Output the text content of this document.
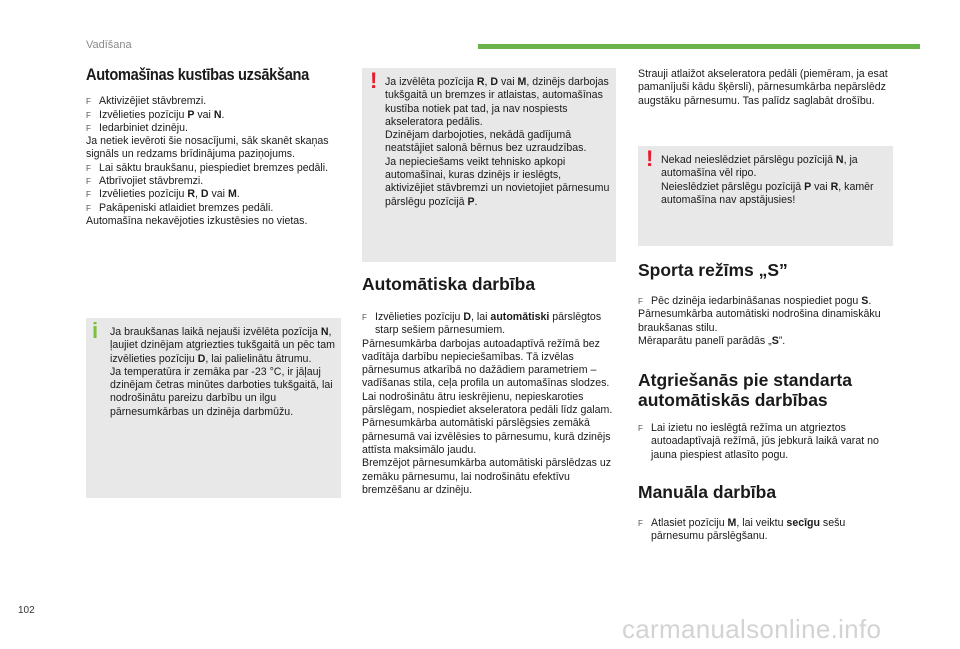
Vadīšana
Automašīnas kustības uzsākšana
F Aktivizējiet stāvbremzi.
F Izvēlieties pozīciju P vai N.
F Iedarbiniet dzinēju.
Ja netiek ievēroti šie nosacījumi, sāk skanēt skaņas signāls un redzams brīdinājuma paziņojums.
F Lai sāktu braukšanu, piespiediet bremzes pedāli.
F Atbrīvojiet stāvbremzi.
F Izvēlieties pozīciju R, D vai M.
F Pakāpeniski atlaidiet bremzes pedāli.
Automašīna nekavējoties izkustēsies no vietas.
i Ja braukšanas laikā nejauši izvēlēta pozīcija N, ļaujiet dzinējam atgriezties tukšgaitā un pēc tam izvēlieties pozīciju D, lai palielinātu ātrumu.
Ja temperatūra ir zemāka par -23 °C, ir jāļauj dzinējam četras minūtes darboties tukšgaitā, lai nodrošinātu pareizu darbību un ilgu pārnesumkārbas un dzinēja darbmūžu.
! Ja izvēlēta pozīcija R, D vai M, dzinējs darbojas tukšgaitā un bremzes ir atlaistas, automašīnas kustība notiek pat tad, ja nav nospiests akseleratora pedālis.
Dzinējam darbojoties, nekādā gadījumā neatstājiet salonā bērnus bez uzraudzības.
Ja nepieciešams veikt tehnisko apkopi automašīnai, kuras dzinējs ir ieslēgts, aktivizējiet stāvbremzi un novietojiet pārnesumu pārslēgu pozīcijā P.
Automātiska darbība
F Izvēlieties pozīciju D, lai automātiski pārslēgtos starp sešiem pārnesumiem.
Pārnesumkārba darbojas autoadaptīvā režīmā bez vadītāja darbību nepieciešamības. Tā izvēlas pārnesumus atkarībā no dažādiem parametriem – vadīšanas stila, ceļa profila un automašīnas slodzes.
Lai nodrošinātu ātru ieskrējienu, nepieskaroties pārslēgam, nospiediet akseleratora pedāli līdz galam. Pārnesumkārba automātiski pārslēgsies zemākā pārnesumā vai izvēlēsies to pārnesumu, kurā dzinējs attīsta maksimālo jaudu.
Bremzējot pārnesumkārba automātiski pārslēdzas uz zemāku pārnesumu, lai nodrošinātu efektīvu bremzēšanu ar dzinēju.
Strauji atlaižot akseleratora pedāli (piemēram, ja esat pamanījuši kādu šķērsli), pārnesumkārba nepārslēdz augstāku pārnesumu. Tas palīdz saglabāt drošību.
! Nekad neieslēdziet pārslēgu pozīcijā N, ja automašīna vēl ripo.
Neieslēdziet pārslēgu pozīcijā P vai R, kamēr automašīna nav apstājusies!
Sporta režīms „S”
F Pēc dzinēja iedarbināšanas nospiediet pogu S.
Pārnesumkārba automātiski nodrošina dinamiskāku braukšanas stilu.
Mēraparātu panelī parādās „S”.
Atgriešanās pie standarta
automātiskās darbības
F Lai izietu no ieslēgtā režīma un atgrieztos autoadaptīvajā režīmā, jūs jebkurā laikā varat no jauna piespiest atlasīto pogu.
Manuāla darbība
F Atlasiet pozīciju M, lai veiktu secīgu sešu pārnesumu pārslēgšanu.
102
carmanualsonline.info
